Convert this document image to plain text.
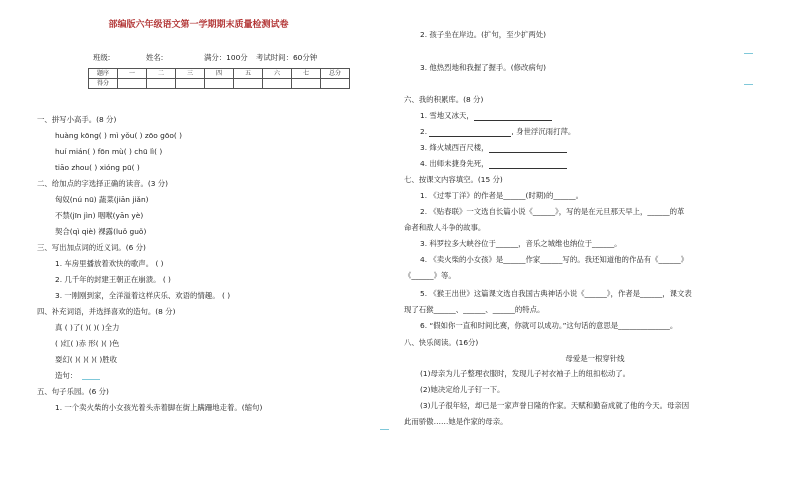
部编版六年级语文第一学期期末质量检测试卷
班级:	姓名:	满分：100分 考试时间：60分钟
题序	一	二	三	四	五	六	七	总分
得分								
一、拼写小高手。(8 分)
huàng kōng( ) mì yǒu( ) zōo gōo( )
huí mián( ) fōn mù( ) chū lì( )
tiāo zhou( ) xióng pū( )
二、给加点的字选择正确的读音。(3 分)
匈奴(nú nū) 蔬菜(jiān jiǎn)
不禁(jīn jìn) 咽喉(yān yè)
契合(qì qiè) 裸露(luǒ guǒ)
三、写出加点词的近义词。(6 分)
1. 车房里播放着欢快的歌声。 ( )
2. 几千年的封建王朝正在崩溃。 ( )
3. 一刚刚到家，全洋溢着这样庆乐、欢语的情趣。 ( )
四、补充词语，并选择喜欢的造句。(8 分)
真 ( )了( )( )( )全力
( )红( )赤 形( )( )色
耍幻( )( )( )( )胜收
造句：
五、句子乐园。(6 分)
1. 一个卖火柴的小女孩光着头赤着脚在街上蹒跚地走着。(缩句)
2. 孩子坐在岸边。(扩句，至少扩两处)
3. 他热烈地和我握了握手。(修改病句)
六、我的积累库。(8 分)
1. 雪地又冰天，
2.	, 身世浮沉雨打萍。
3. 烽火城西百尺楼，
4. 出师未捷身先死，
七、按课文内容填空。(15 分)
1. 《过零丁洋》的作者是______(时期)的______。
2. 《贴春联》一文选自长篇小说《______》，写的是在元旦那天早上，______的革
命者和敌人斗争的故事。
3. 科罗拉多大峡谷位于______，音乐之城维也纳位于______。
4. 《卖火柴的小女孩》是______作家______写的。我还知道他的作品有《______》
《______》等。
5. 《猴王出世》这篇课文选自我国古典神话小说《______》，作者是______，课文表
现了石猴______、______、______的特点。
6. “假如你一直和时间比赛，你就可以成功。”这句话的意思是______________。
八、快乐阅读。(16分)
母爱是一根穿针线
(1)母亲为儿子整理衣服时，发现儿子衬衣袖子上的纽扣松动了。
(2)她决定给儿子钉一下。
(3)儿子很年轻，却已是一家声誉日隆的作家。天赋和勤奋成就了他的今天。母亲因
此而骄傲……她是作家的母亲。
